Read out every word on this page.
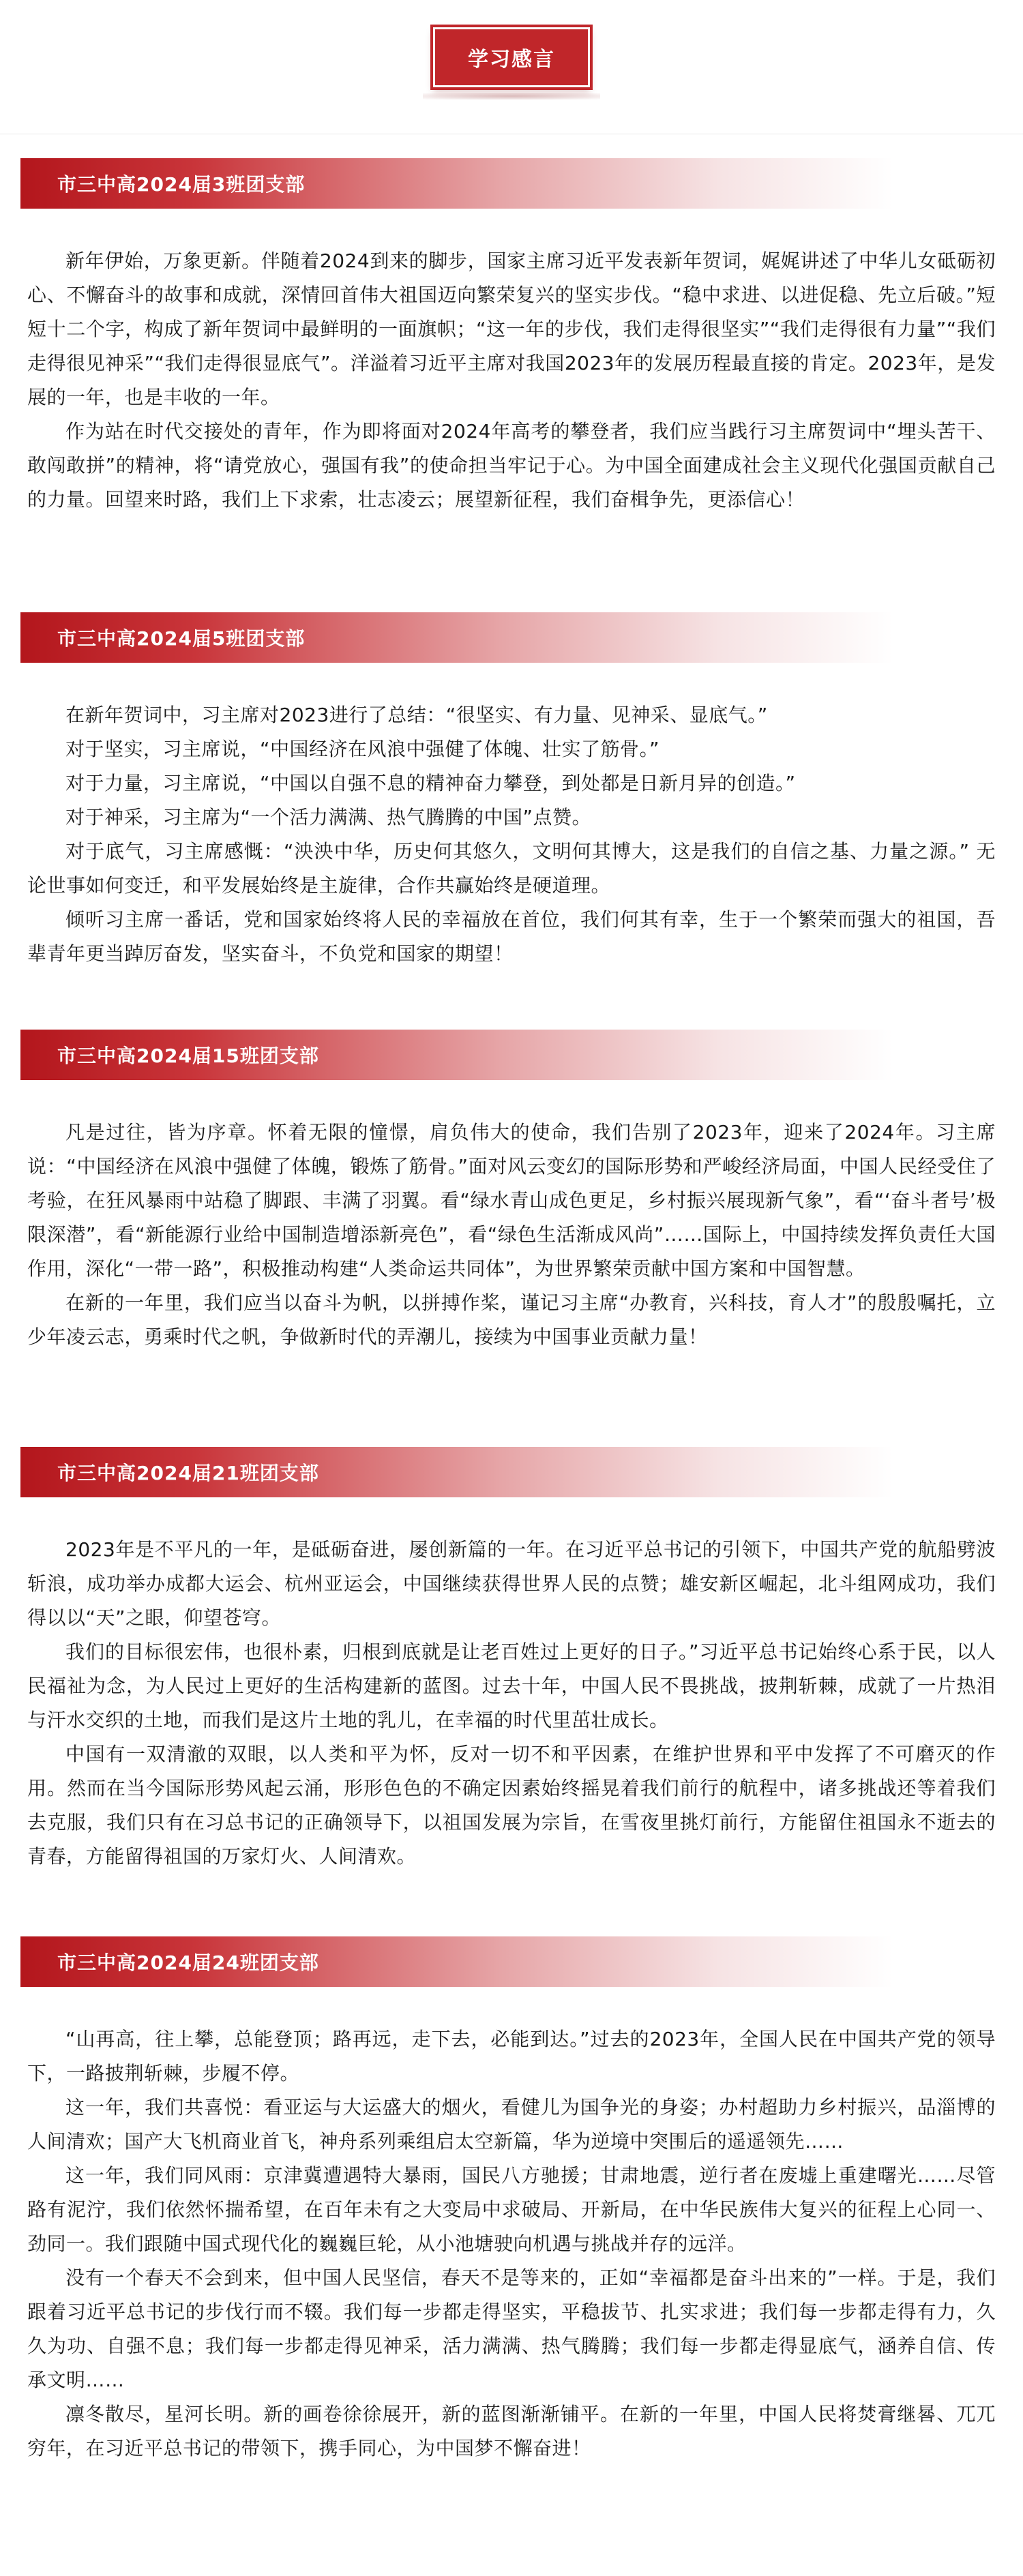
学习感言
市三中高2024届3班团支部

新年伊始，万象更新。伴随着2024到来的脚步，国家主席习近平发表新年贺词，娓娓讲述了中华儿女砥砺初心、不懈奋斗的故事和成就，深情回首伟大祖国迈向繁荣复兴的坚实步伐。“稳中求进、以进促稳、先立后破。”短短十二个字，构成了新年贺词中最鲜明的一面旗帜；“这一年的步伐，我们走得很坚实”“我们走得很有力量”“我们走得很见神采”“我们走得很显底气”。洋溢着习近平主席对我国2023年的发展历程最直接的肯定。2023年，是发展的一年，也是丰收的一年。

作为站在时代交接处的青年，作为即将面对2024年高考的攀登者，我们应当践行习主席贺词中“埋头苦干、敢闯敢拼”的精神，将“请党放心，强国有我”的使命担当牢记于心。为中国全面建成社会主义现代化强国贡献自己的力量。回望来时路，我们上下求索，壮志凌云；展望新征程，我们奋楫争先，更添信心！

市三中高2024届5班团支部

在新年贺词中，习主席对2023进行了总结：“很坚实、有力量、见神采、显底气。”

对于坚实，习主席说，“中国经济在风浪中强健了体魄、壮实了筋骨。”

对于力量，习主席说，“中国以自强不息的精神奋力攀登，到处都是日新月异的创造。”

对于神采，习主席为“一个活力满满、热气腾腾的中国”点赞。

对于底气，习主席感慨：“泱泱中华，历史何其悠久，文明何其博大，这是我们的自信之基、力量之源。” 无论世事如何变迁，和平发展始终是主旋律，合作共赢始终是硬道理。

倾听习主席一番话，党和国家始终将人民的幸福放在首位，我们何其有幸，生于一个繁荣而强大的祖国，吾辈青年更当踔厉奋发，坚实奋斗，不负党和国家的期望！

市三中高2024届15班团支部

凡是过往，皆为序章。怀着无限的憧憬，肩负伟大的使命，我们告别了2023年，迎来了2024年。习主席说：“中国经济在风浪中强健了体魄，锻炼了筋骨。”面对风云变幻的国际形势和严峻经济局面，中国人民经受住了考验，在狂风暴雨中站稳了脚跟、丰满了羽翼。看“绿水青山成色更足，乡村振兴展现新气象”，看“‘奋斗者号’极限深潜”，看“新能源行业给中国制造增添新亮色”，看“绿色生活渐成风尚”……国际上，中国持续发挥负责任大国作用，深化“一带一路”，积极推动构建“人类命运共同体”，为世界繁荣贡献中国方案和中国智慧。

在新的一年里，我们应当以奋斗为帆，以拼搏作桨，谨记习主席“办教育，兴科技，育人才”的殷殷嘱托，立少年凌云志，勇乘时代之帆，争做新时代的弄潮儿，接续为中国事业贡献力量！

市三中高2024届21班团支部

2023年是不平凡的一年，是砥砺奋进，屡创新篇的一年。在习近平总书记的引领下，中国共产党的航船劈波斩浪，成功举办成都大运会、杭州亚运会，中国继续获得世界人民的点赞；雄安新区崛起，北斗组网成功，我们得以以“天”之眼，仰望苍穹。

我们的目标很宏伟，也很朴素，归根到底就是让老百姓过上更好的日子。”习近平总书记始终心系于民，以人民福祉为念，为人民过上更好的生活构建新的蓝图。过去十年，中国人民不畏挑战，披荆斩棘，成就了一片热泪与汗水交织的土地，而我们是这片土地的乳儿，在幸福的时代里茁壮成长。

中国有一双清澈的双眼，以人类和平为怀，反对一切不和平因素，在维护世界和平中发挥了不可磨灭的作用。然而在当今国际形势风起云涌，形形色色的不确定因素始终摇晃着我们前行的航程中，诸多挑战还等着我们去克服，我们只有在习总书记的正确领导下，以祖国发展为宗旨，在雪夜里挑灯前行，方能留住祖国永不逝去的青春，方能留得祖国的万家灯火、人间清欢。

市三中高2024届24班团支部

“山再高，往上攀，总能登顶；路再远，走下去，必能到达。”过去的2023年，全国人民在中国共产党的领导下，一路披荆斩棘，步履不停。

这一年，我们共喜悦：看亚运与大运盛大的烟火，看健儿为国争光的身姿；办村超助力乡村振兴，品淄博的人间清欢；国产大飞机商业首飞，神舟系列乘组启太空新篇，华为逆境中突围后的遥遥领先……

这一年，我们同风雨：京津冀遭遇特大暴雨，国民八方驰援；甘肃地震，逆行者在废墟上重建曙光……尽管路有泥泞，我们依然怀揣希望，在百年未有之大变局中求破局、开新局，在中华民族伟大复兴的征程上心同一、劲同一。我们跟随中国式现代化的巍巍巨轮，从小池塘驶向机遇与挑战并存的远洋。

没有一个春天不会到来，但中国人民坚信，春天不是等来的，正如“幸福都是奋斗出来的”一样。于是，我们跟着习近平总书记的步伐行而不辍。我们每一步都走得坚实，平稳拔节、扎实求进；我们每一步都走得有力，久久为功、自强不息；我们每一步都走得见神采，活力满满、热气腾腾；我们每一步都走得显底气，涵养自信、传承文明……

凛冬散尽，星河长明。新的画卷徐徐展开，新的蓝图渐渐铺平。在新的一年里，中国人民将焚膏继晷、兀兀穷年，在习近平总书记的带领下，携手同心，为中国梦不懈奋进！
